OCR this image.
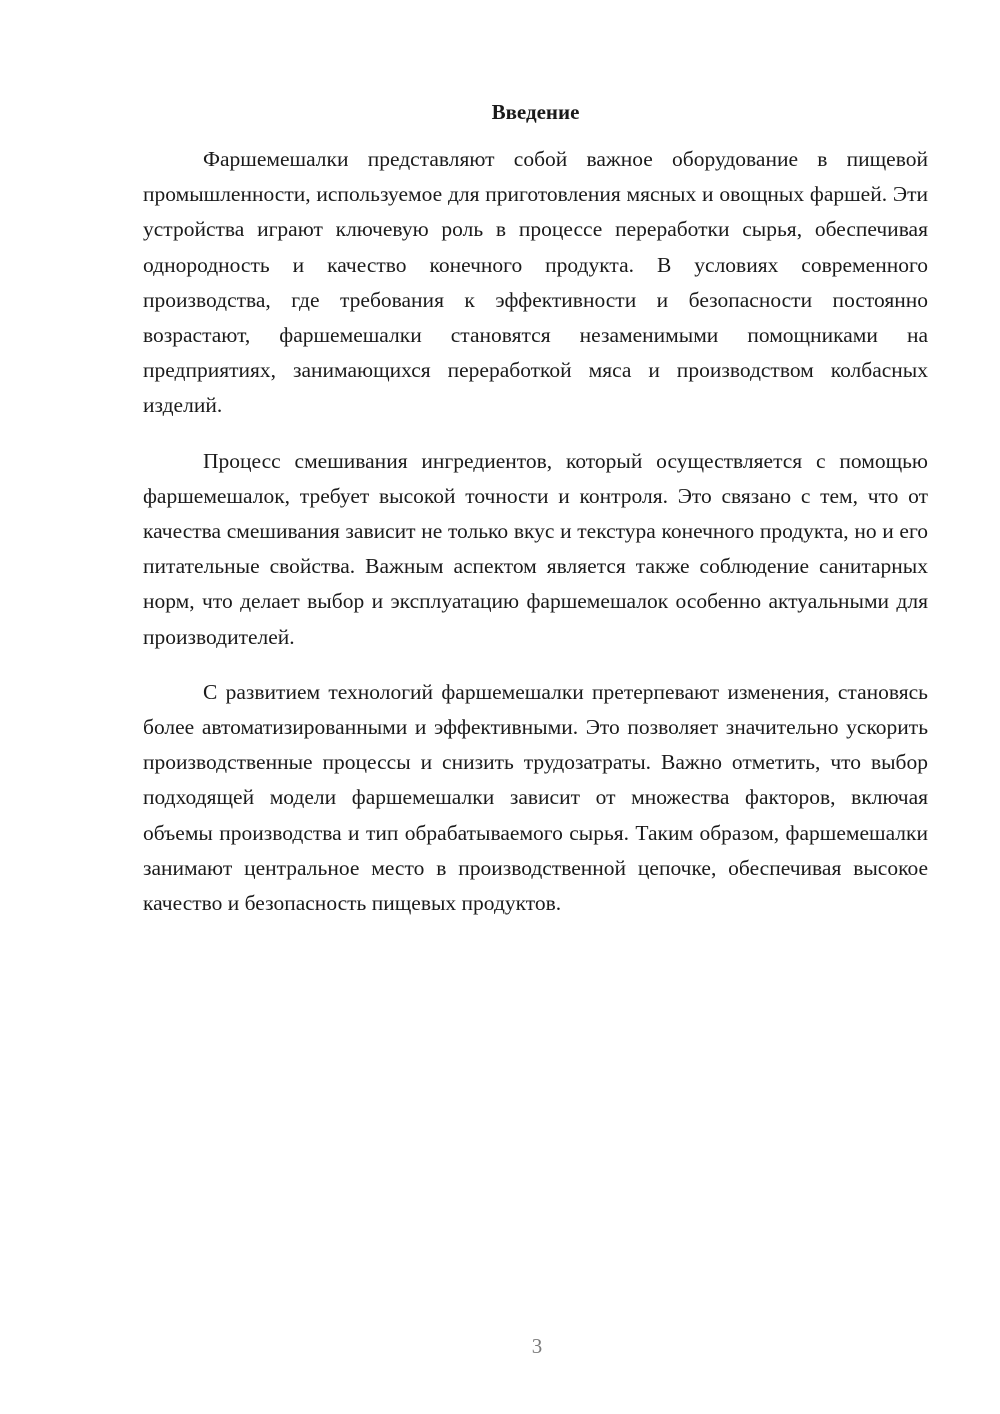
Введение

Фаршемешалки представляют собой важное оборудование в пищевой промышленности, используемое для приготовления мясных и овощных фаршей. Эти устройства играют ключевую роль в процессе переработки сырья, обеспечивая однородность и качество конечного продукта. В условиях современного производства, где требования к эффективности и безопасности постоянно возрастают, фаршемешалки становятся незаменимыми помощниками на предприятиях, занимающихся переработкой мяса и производством колбасных изделий.

Процесс смешивания ингредиентов, который осуществляется с помощью фаршемешалок, требует высокой точности и контроля. Это связано с тем, что от качества смешивания зависит не только вкус и текстура конечного продукта, но и его питательные свойства. Важным аспектом является также соблюдение санитарных норм, что делает выбор и эксплуатацию фаршемешалок особенно актуальными для производителей.

С развитием технологий фаршемешалки претерпевают изменения, становясь более автоматизированными и эффективными. Это позволяет значительно ускорить производственные процессы и снизить трудозатраты. Важно отметить, что выбор подходящей модели фаршемешалки зависит от множества факторов, включая объемы производства и тип обрабатываемого сырья. Таким образом, фаршемешалки занимают центральное место в производственной цепочке, обеспечивая высокое качество и безопасность пищевых продуктов.

3
